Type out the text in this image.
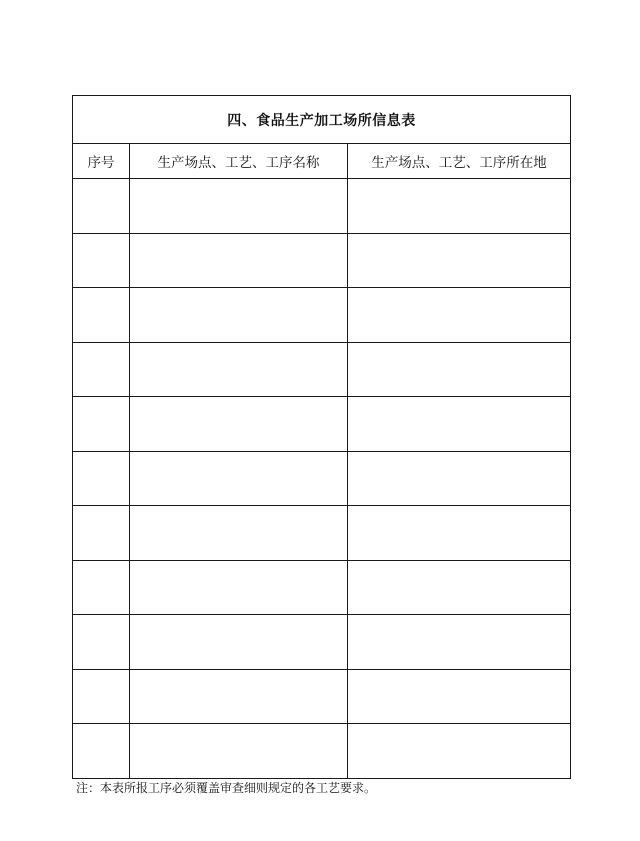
四、食品生产加工场所信息表		
序号	生产场点、工艺、工序名称	生产场点、工艺、工序所在地

注：本表所报工序必须覆盖审查细则规定的各工艺要求。
